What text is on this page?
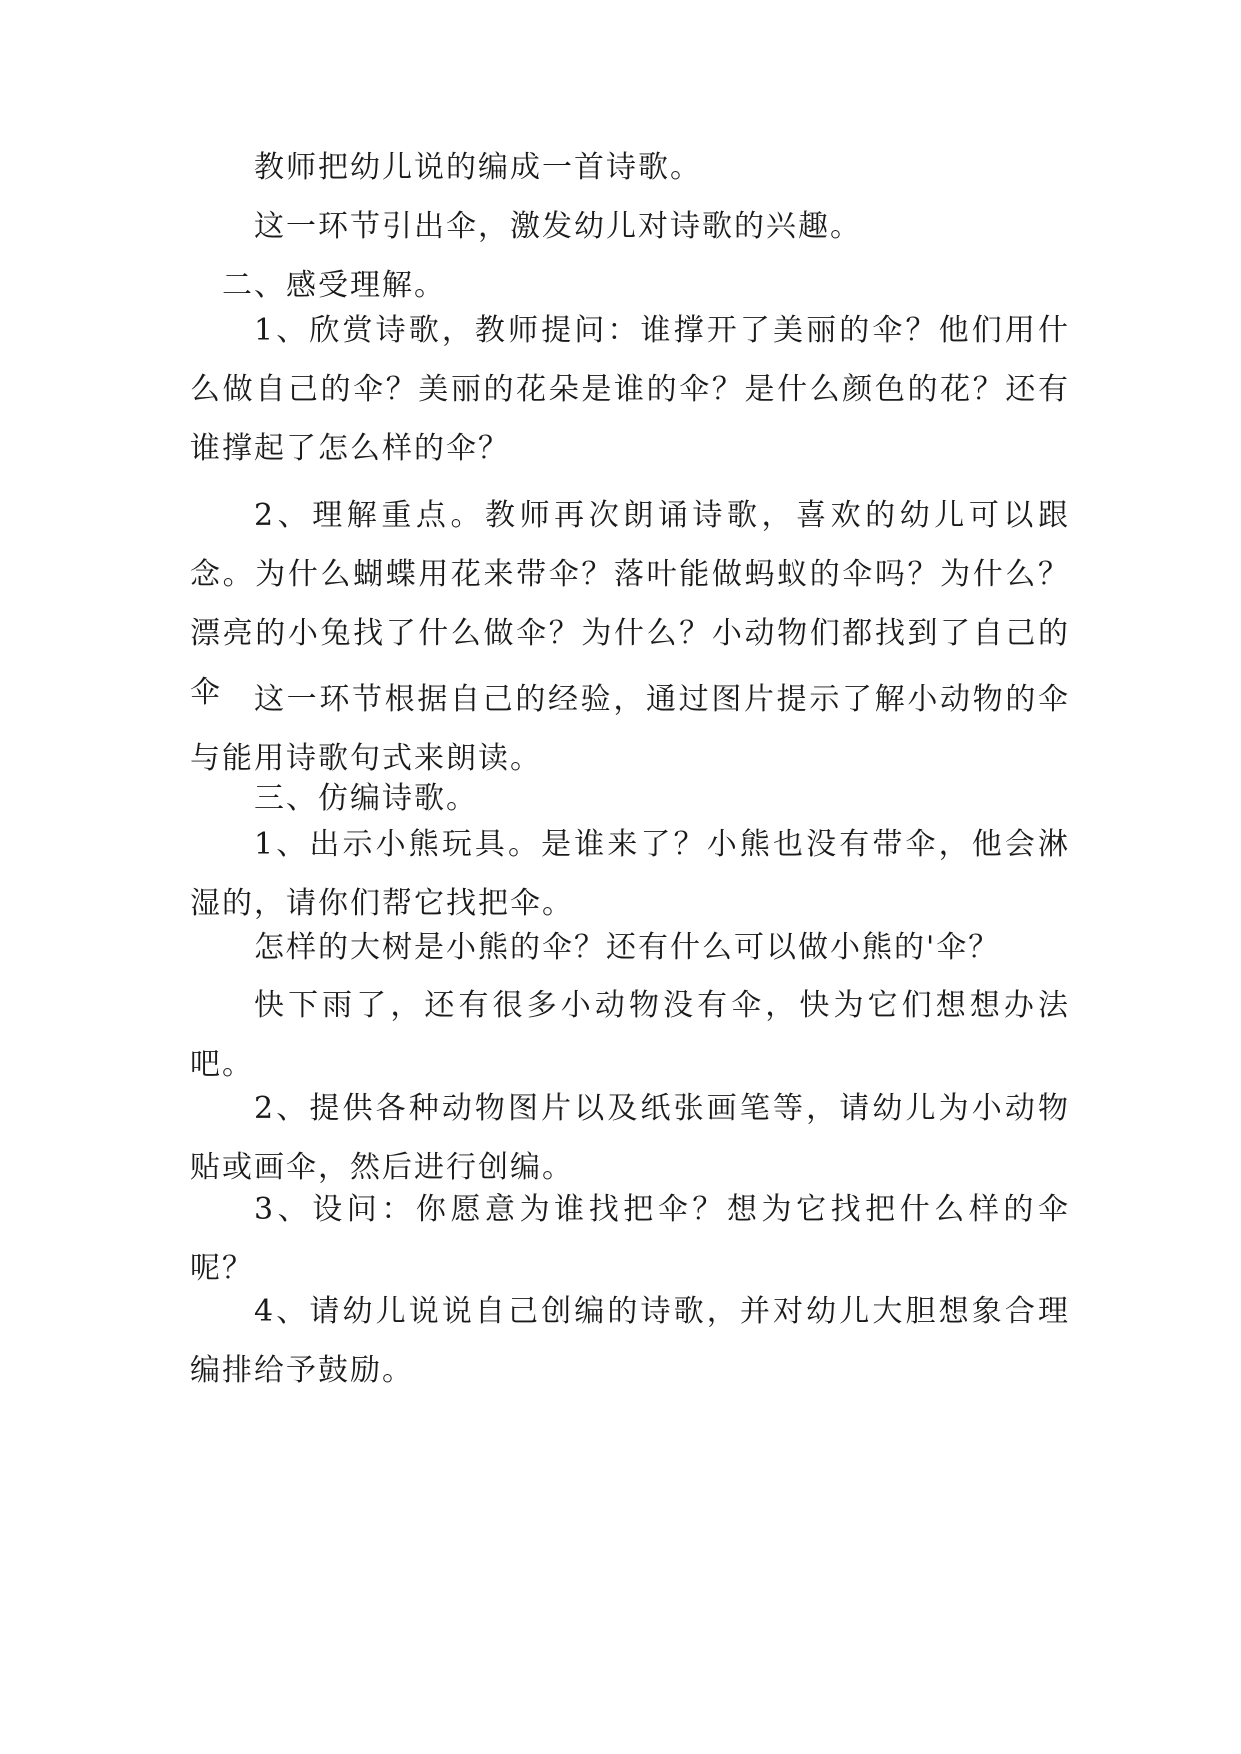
教师把幼儿说的编成一首诗歌。

这一环节引出伞，激发幼儿对诗歌的兴趣。

二、感受理解。

1、欣赏诗歌，教师提问：谁撑开了美丽的伞？他们用什么做自己的伞？美丽的花朵是谁的伞？是什么颜色的花？还有谁撑起了怎么样的伞？

2、理解重点。教师再次朗诵诗歌，喜欢的幼儿可以跟念。为什么蝴蝶用花来带伞？落叶能做蚂蚁的伞吗？为什么？漂亮的小兔找了什么做伞？为什么？小动物们都找到了自己的伞	这一环节根据自己的经验，通过图片提示了解小动物的伞与能用诗歌句式来朗读。

三、仿编诗歌。

1、出示小熊玩具。是谁来了？小熊也没有带伞，他会淋湿的，请你们帮它找把伞。

怎样的大树是小熊的伞？还有什么可以做小熊的'伞？

快下雨了，还有很多小动物没有伞，快为它们想想办法吧。

2、提供各种动物图片以及纸张画笔等，请幼儿为小动物贴或画伞，然后进行创编。

3、设问：你愿意为谁找把伞？想为它找把什么样的伞呢？

4、请幼儿说说自己创编的诗歌，并对幼儿大胆想象合理编排给予鼓励。
